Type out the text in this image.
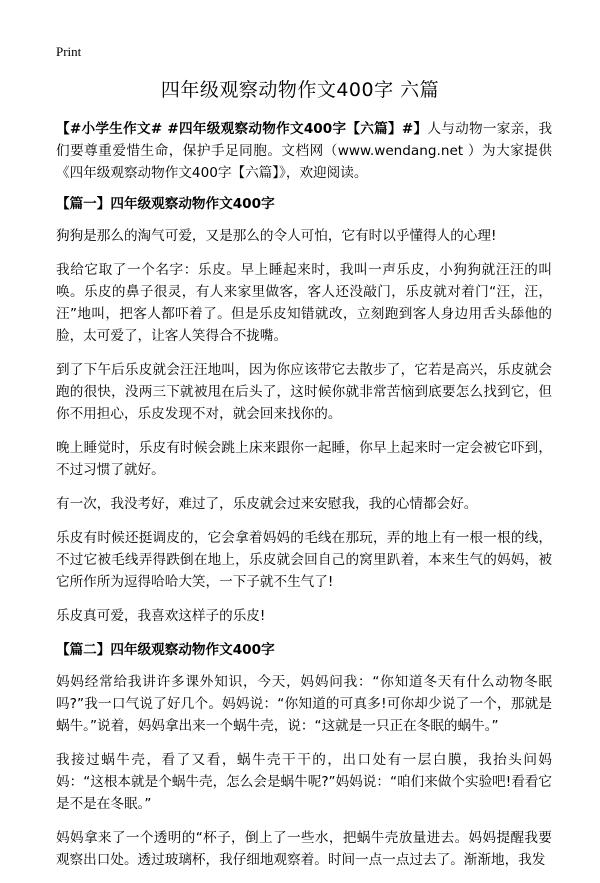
Print
四年级观察动物作文400字 六篇

【#小学生作文# #四年级观察动物作文400字【六篇】#】人与动物一家亲，我们要尊重爱惜生命，保护手足同胞。文档网（www.wendang.net ）为大家提供《四年级观察动物作文400字【六篇】》，欢迎阅读。

【篇一】四年级观察动物作文400字

狗狗是那么的淘气可爱，又是那么的令人可怕，它有时以乎懂得人的心理!

我给它取了一个名字：乐皮。早上睡起来时，我叫一声乐皮，小狗狗就汪汪的叫唤。乐皮的鼻子很灵，有人来家里做客，客人还没敲门，乐皮就对着门“汪，汪，汪”地叫，把客人都吓着了。但是乐皮知错就改，立刻跑到客人身边用舌头舔他的脸，太可爱了，让客人笑得合不拢嘴。

到了下午后乐皮就会汪汪地叫，因为你应该带它去散步了，它若是高兴，乐皮就会跑的很快，没两三下就被甩在后头了，这时候你就非常苦恼到底要怎么找到它，但你不用担心，乐皮发现不对，就会回来找你的。

晚上睡觉时，乐皮有时候会跳上床来跟你一起睡，你早上起来时一定会被它吓到，不过习惯了就好。

有一次，我没考好，难过了，乐皮就会过来安慰我，我的心情都会好。

乐皮有时候还挺调皮的，它会拿着妈妈的毛线在那玩，弄的地上有一根一根的线，不过它被毛线弄得跌倒在地上，乐皮就会回自己的窝里趴着，本来生气的妈妈，被它所作所为逗得哈哈大笑，一下子就不生气了!

乐皮真可爱，我喜欢这样子的乐皮!

【篇二】四年级观察动物作文400字

妈妈经常给我讲许多课外知识，今天，妈妈问我：“你知道冬天有什么动物冬眠吗?”我一口气说了好几个。妈妈说：“你知道的可真多!可你却少说了一个，那就是蜗牛。”说着，妈妈拿出来一个蜗牛壳，说：“这就是一只正在冬眠的蜗牛。”

我接过蜗牛壳，看了又看，蜗牛壳干干的，出口处有一层白膜，我抬头问妈妈：“这根本就是个蜗牛壳，怎么会是蜗牛呢?”妈妈说：“咱们来做个实验吧!看看它是不是在冬眠。”

妈妈拿来了一个透明的“杯子，倒上了一些水，把蜗牛壳放量进去。妈妈提醒我要观察出口处。透过玻璃杯，我仔细地观察着。时间一点一点过去了。渐渐地，我发
